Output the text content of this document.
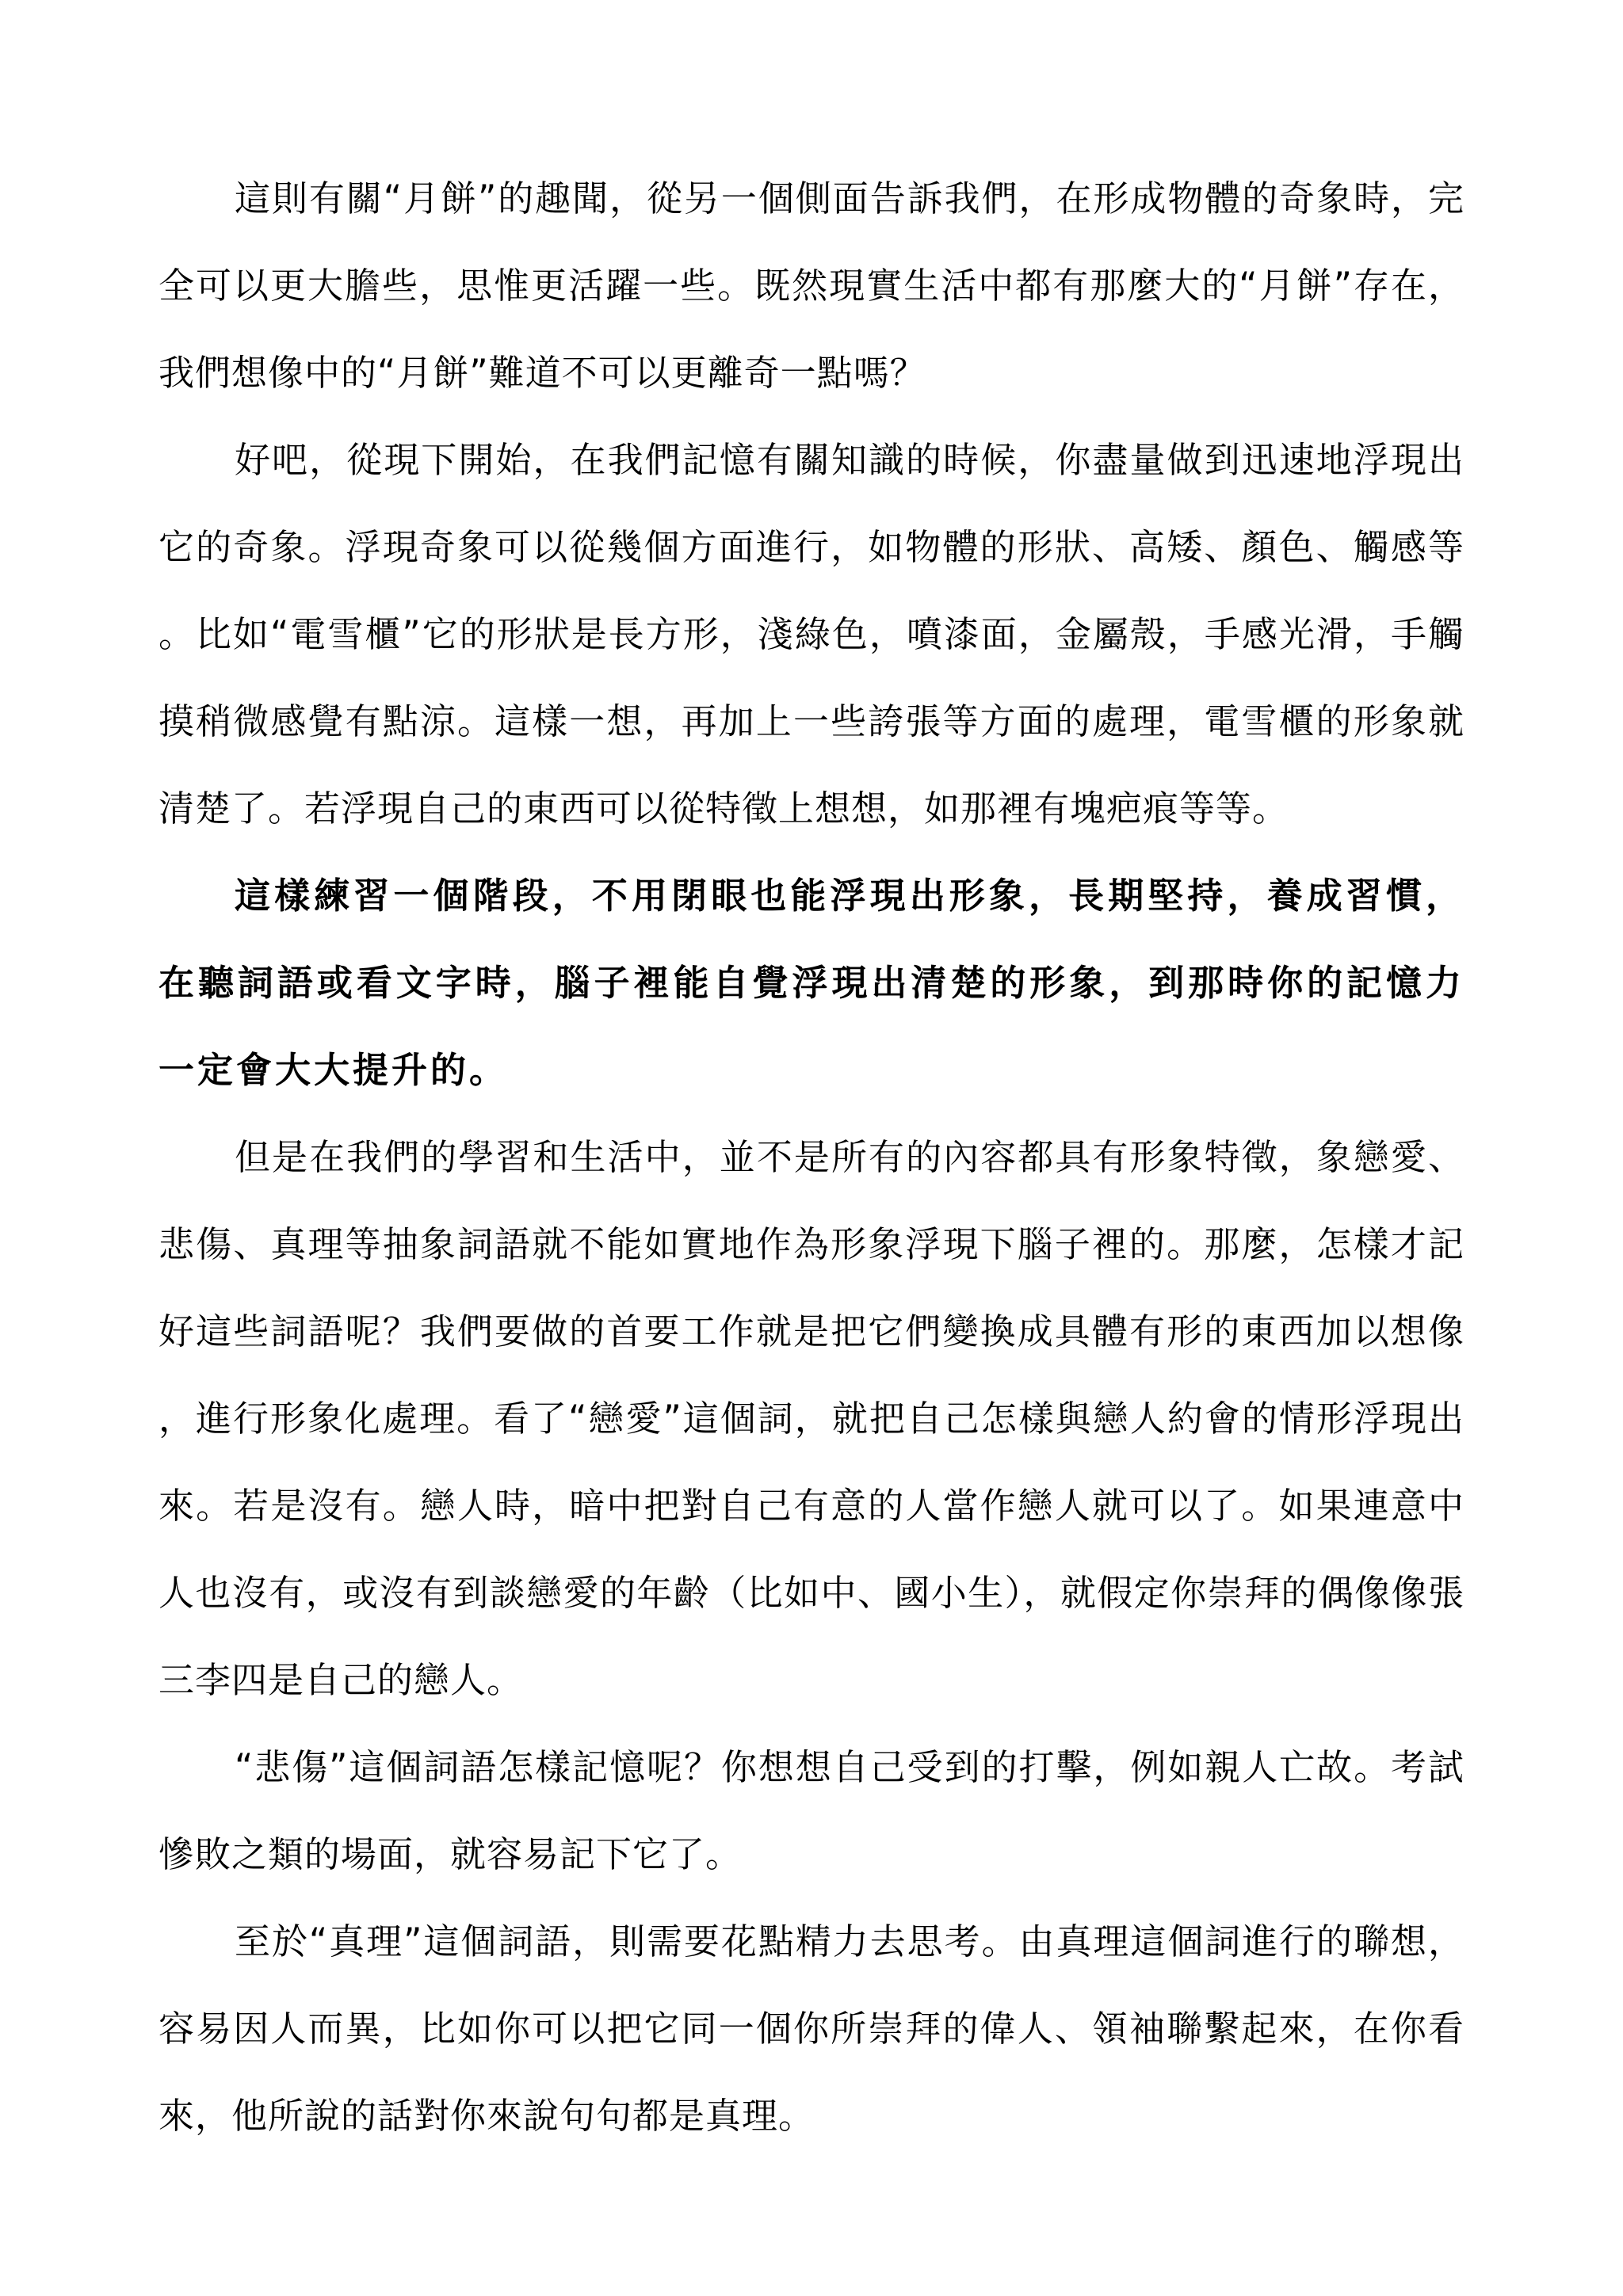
這則有關“月餅”的趣聞，從另一個側面告訴我們，在形成物體的奇象時，完全可以更大膽些，思惟更活躍一些。既然現實生活中都有那麼大的“月餅”存在，我們想像中的“月餅”難道不可以更離奇一點嗎？

好吧，從現下開始，在我們記憶有關知識的時候，你盡量做到迅速地浮現出它的奇象。浮現奇象可以從幾個方面進行，如物體的形狀、高矮、顏色、觸感等。比如“電雪櫃”它的形狀是長方形，淺綠色，噴漆面，金屬殼，手感光滑，手觸摸稍微感覺有點涼。這樣一想，再加上一些誇張等方面的處理，電雪櫃的形象就清楚了。若浮現自己的東西可以從特徵上想想，如那裡有塊疤痕等等。

這樣練習一個階段，不用閉眼也能浮現出形象，長期堅持，養成習慣，在聽詞語或看文字時，腦子裡能自覺浮現出清楚的形象，到那時你的記憶力一定會大大提升的。

但是在我們的學習和生活中，並不是所有的內容都具有形象特徵，象戀愛、悲傷、真理等抽象詞語就不能如實地作為形象浮現下腦子裡的。那麼，怎樣才記好這些詞語呢？我們要做的首要工作就是把它們變換成具體有形的東西加以想像，進行形象化處理。看了“戀愛”這個詞，就把自己怎樣與戀人約會的情形浮現出來。若是沒有。戀人時，暗中把對自己有意的人當作戀人就可以了。如果連意中人也沒有，或沒有到談戀愛的年齡（比如中、國小生），就假定你崇拜的偶像像張三李四是自己的戀人。

“悲傷”這個詞語怎樣記憶呢？你想想自己受到的打擊，例如親人亡故。考試慘敗之類的場面，就容易記下它了。

至於“真理”這個詞語，則需要花點精力去思考。由真理這個詞進行的聯想，容易因人而異，比如你可以把它同一個你所崇拜的偉人、領袖聯繫起來，在你看來，他所說的話對你來說句句都是真理。
